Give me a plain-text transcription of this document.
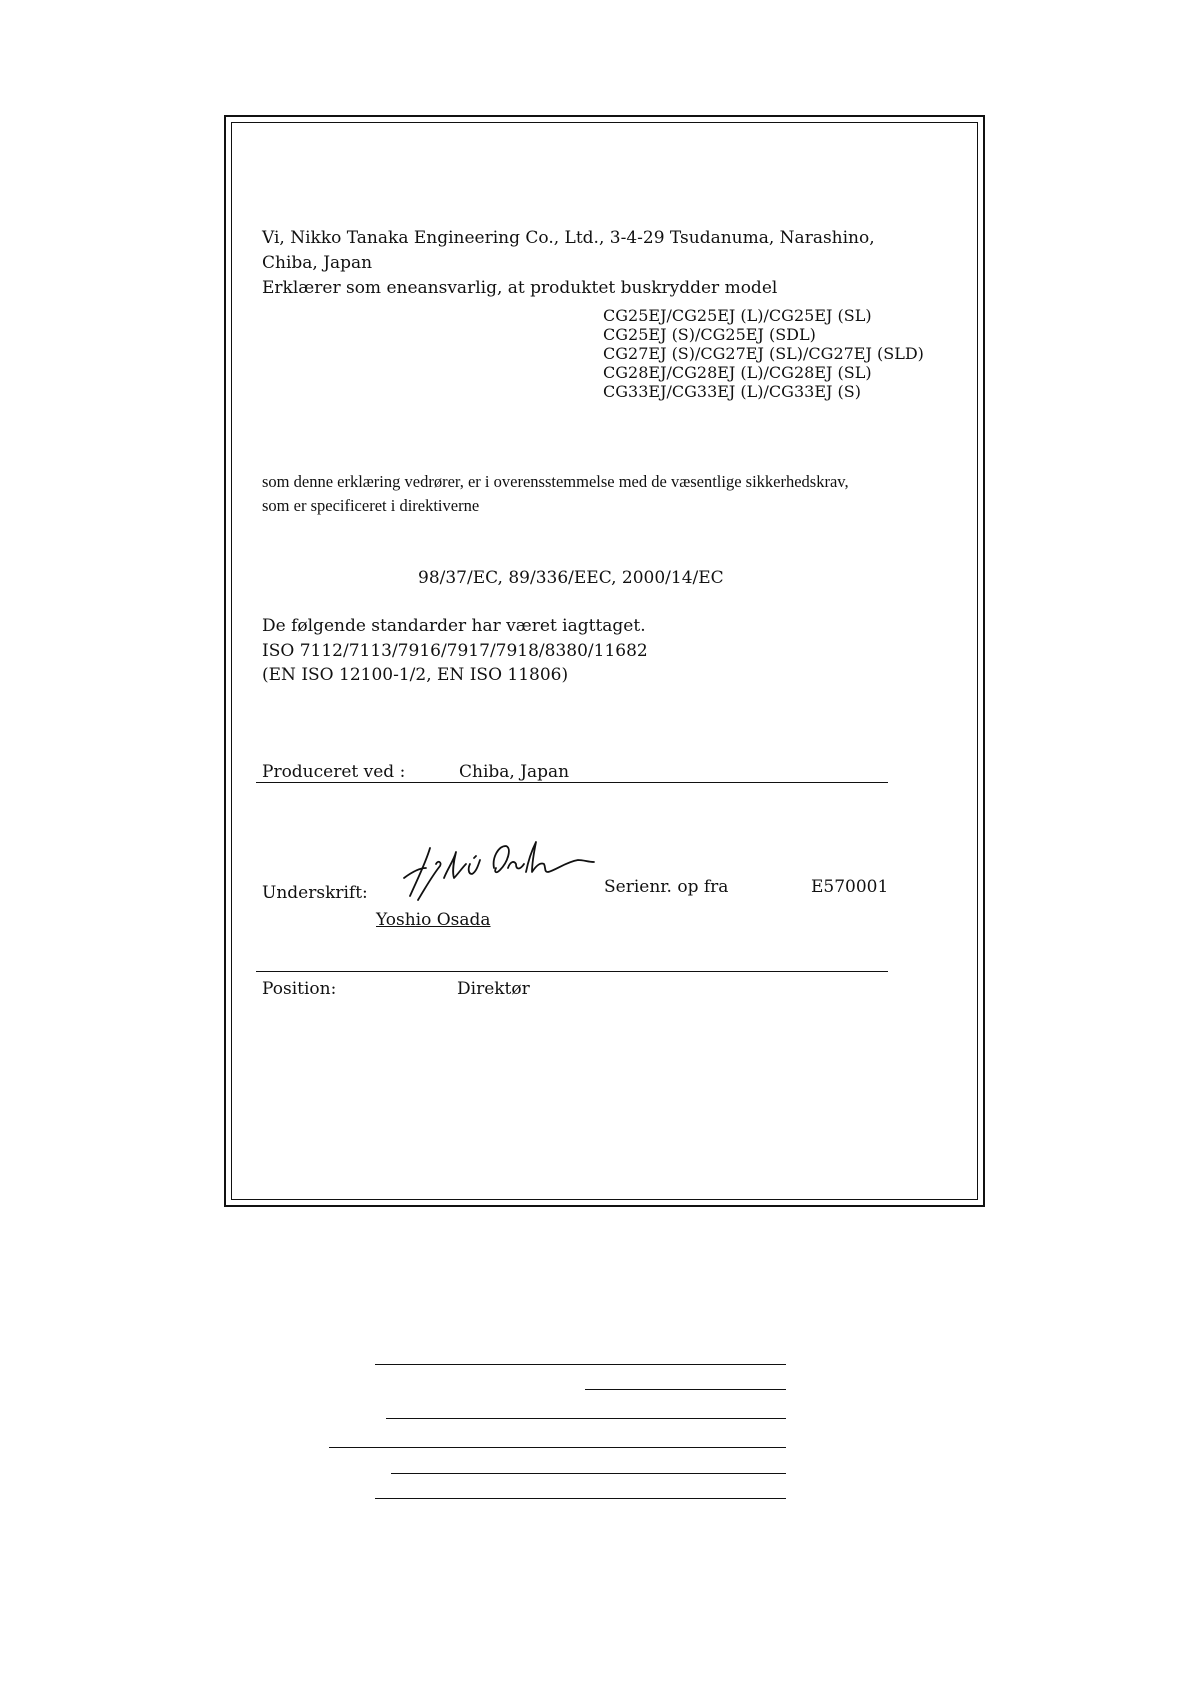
Vi, Nikko Tanaka Engineering Co., Ltd., 3-4-29 Tsudanuma, Narashino,
Chiba, Japan
Erklærer som eneansvarlig, at produktet buskrydder model
CG25EJ/CG25EJ (L)/CG25EJ (SL)
CG25EJ (S)/CG25EJ (SDL)
CG27EJ (S)/CG27EJ (SL)/CG27EJ (SLD)
CG28EJ/CG28EJ (L)/CG28EJ (SL)
CG33EJ/CG33EJ (L)/CG33EJ (S)
som denne erklæring vedrører, er i overensstemmelse med de væsentlige sikkerhedskrav,
som er specificeret i direktiverne
98/37/EC, 89/336/EEC, 2000/14/EC
De følgende standarder har været iagttaget.
ISO 7112/7113/7916/7917/7918/8380/11682
(EN ISO 12100-1/2, EN ISO 11806)
Produceret ved :	Chiba, Japan
Underskrift:	Serienr. op fra	E570001
Yoshio Osada
Position:	Direktør
